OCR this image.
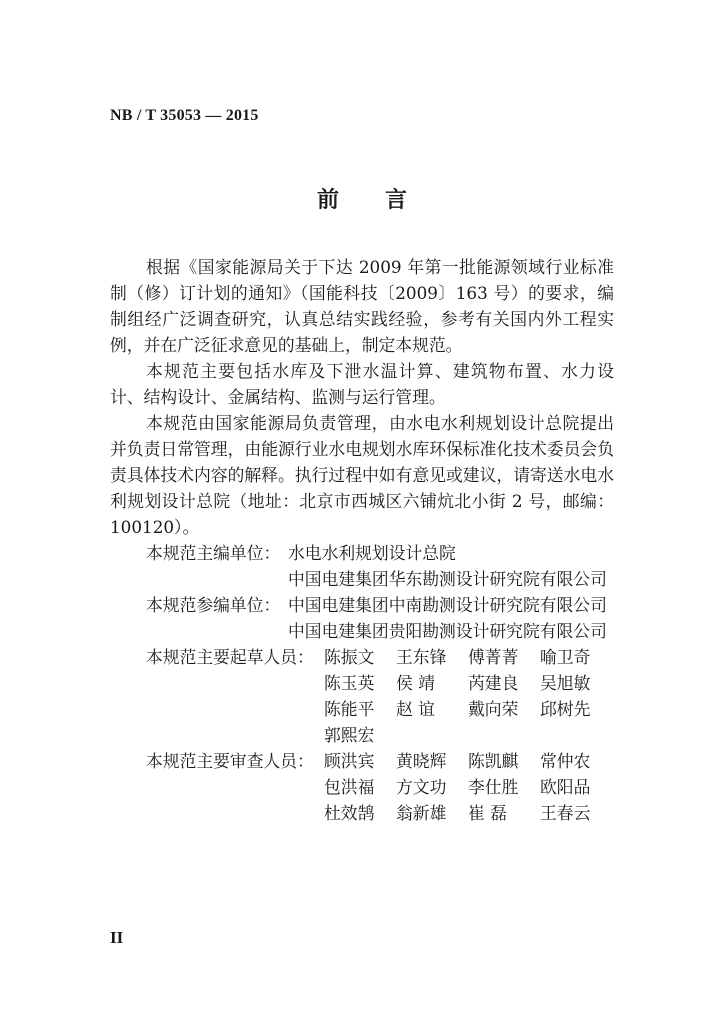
NB / T 35053 — 2015
前言

根据《国家能源局关于下达 2009 年第一批能源领域行业标准制（修）订计划的通知》（国能科技〔2009〕163 号）的要求，编制组经广泛调查研究，认真总结实践经验，参考有关国内外工程实例，并在广泛征求意见的基础上，制定本规范。

本规范主要包括水库及下泄水温计算、建筑物布置、水力设计、结构设计、金属结构、监测与运行管理。

本规范由国家能源局负责管理，由水电水利规划设计总院提出并负责日常管理，由能源行业水电规划水库环保标准化技术委员会负责具体技术内容的解释。执行过程中如有意见或建议，请寄送水电水利规划设计总院（地址：北京市西城区六铺炕北小街 2 号，邮编：100120）。

本规范主编单位： 水电水利规划设计总院
中国电建集团华东勘测设计研究院有限公司
本规范参编单位： 中国电建集团中南勘测设计研究院有限公司
中国电建集团贵阳勘测设计研究院有限公司
本规范主要起草人员： 陈振文	王东锋	傅菁菁	喻卫奇
陈玉英	侯 靖	芮建良	吴旭敏
陈能平	赵 谊	戴向荣	邱树先
郭熙宏
本规范主要审查人员： 顾洪宾	黄晓辉	陈凯麒	常仲农
包洪福	方文功	李仕胜	欧阳品
杜效鹄	翁新雄	崔 磊	王春云
II
